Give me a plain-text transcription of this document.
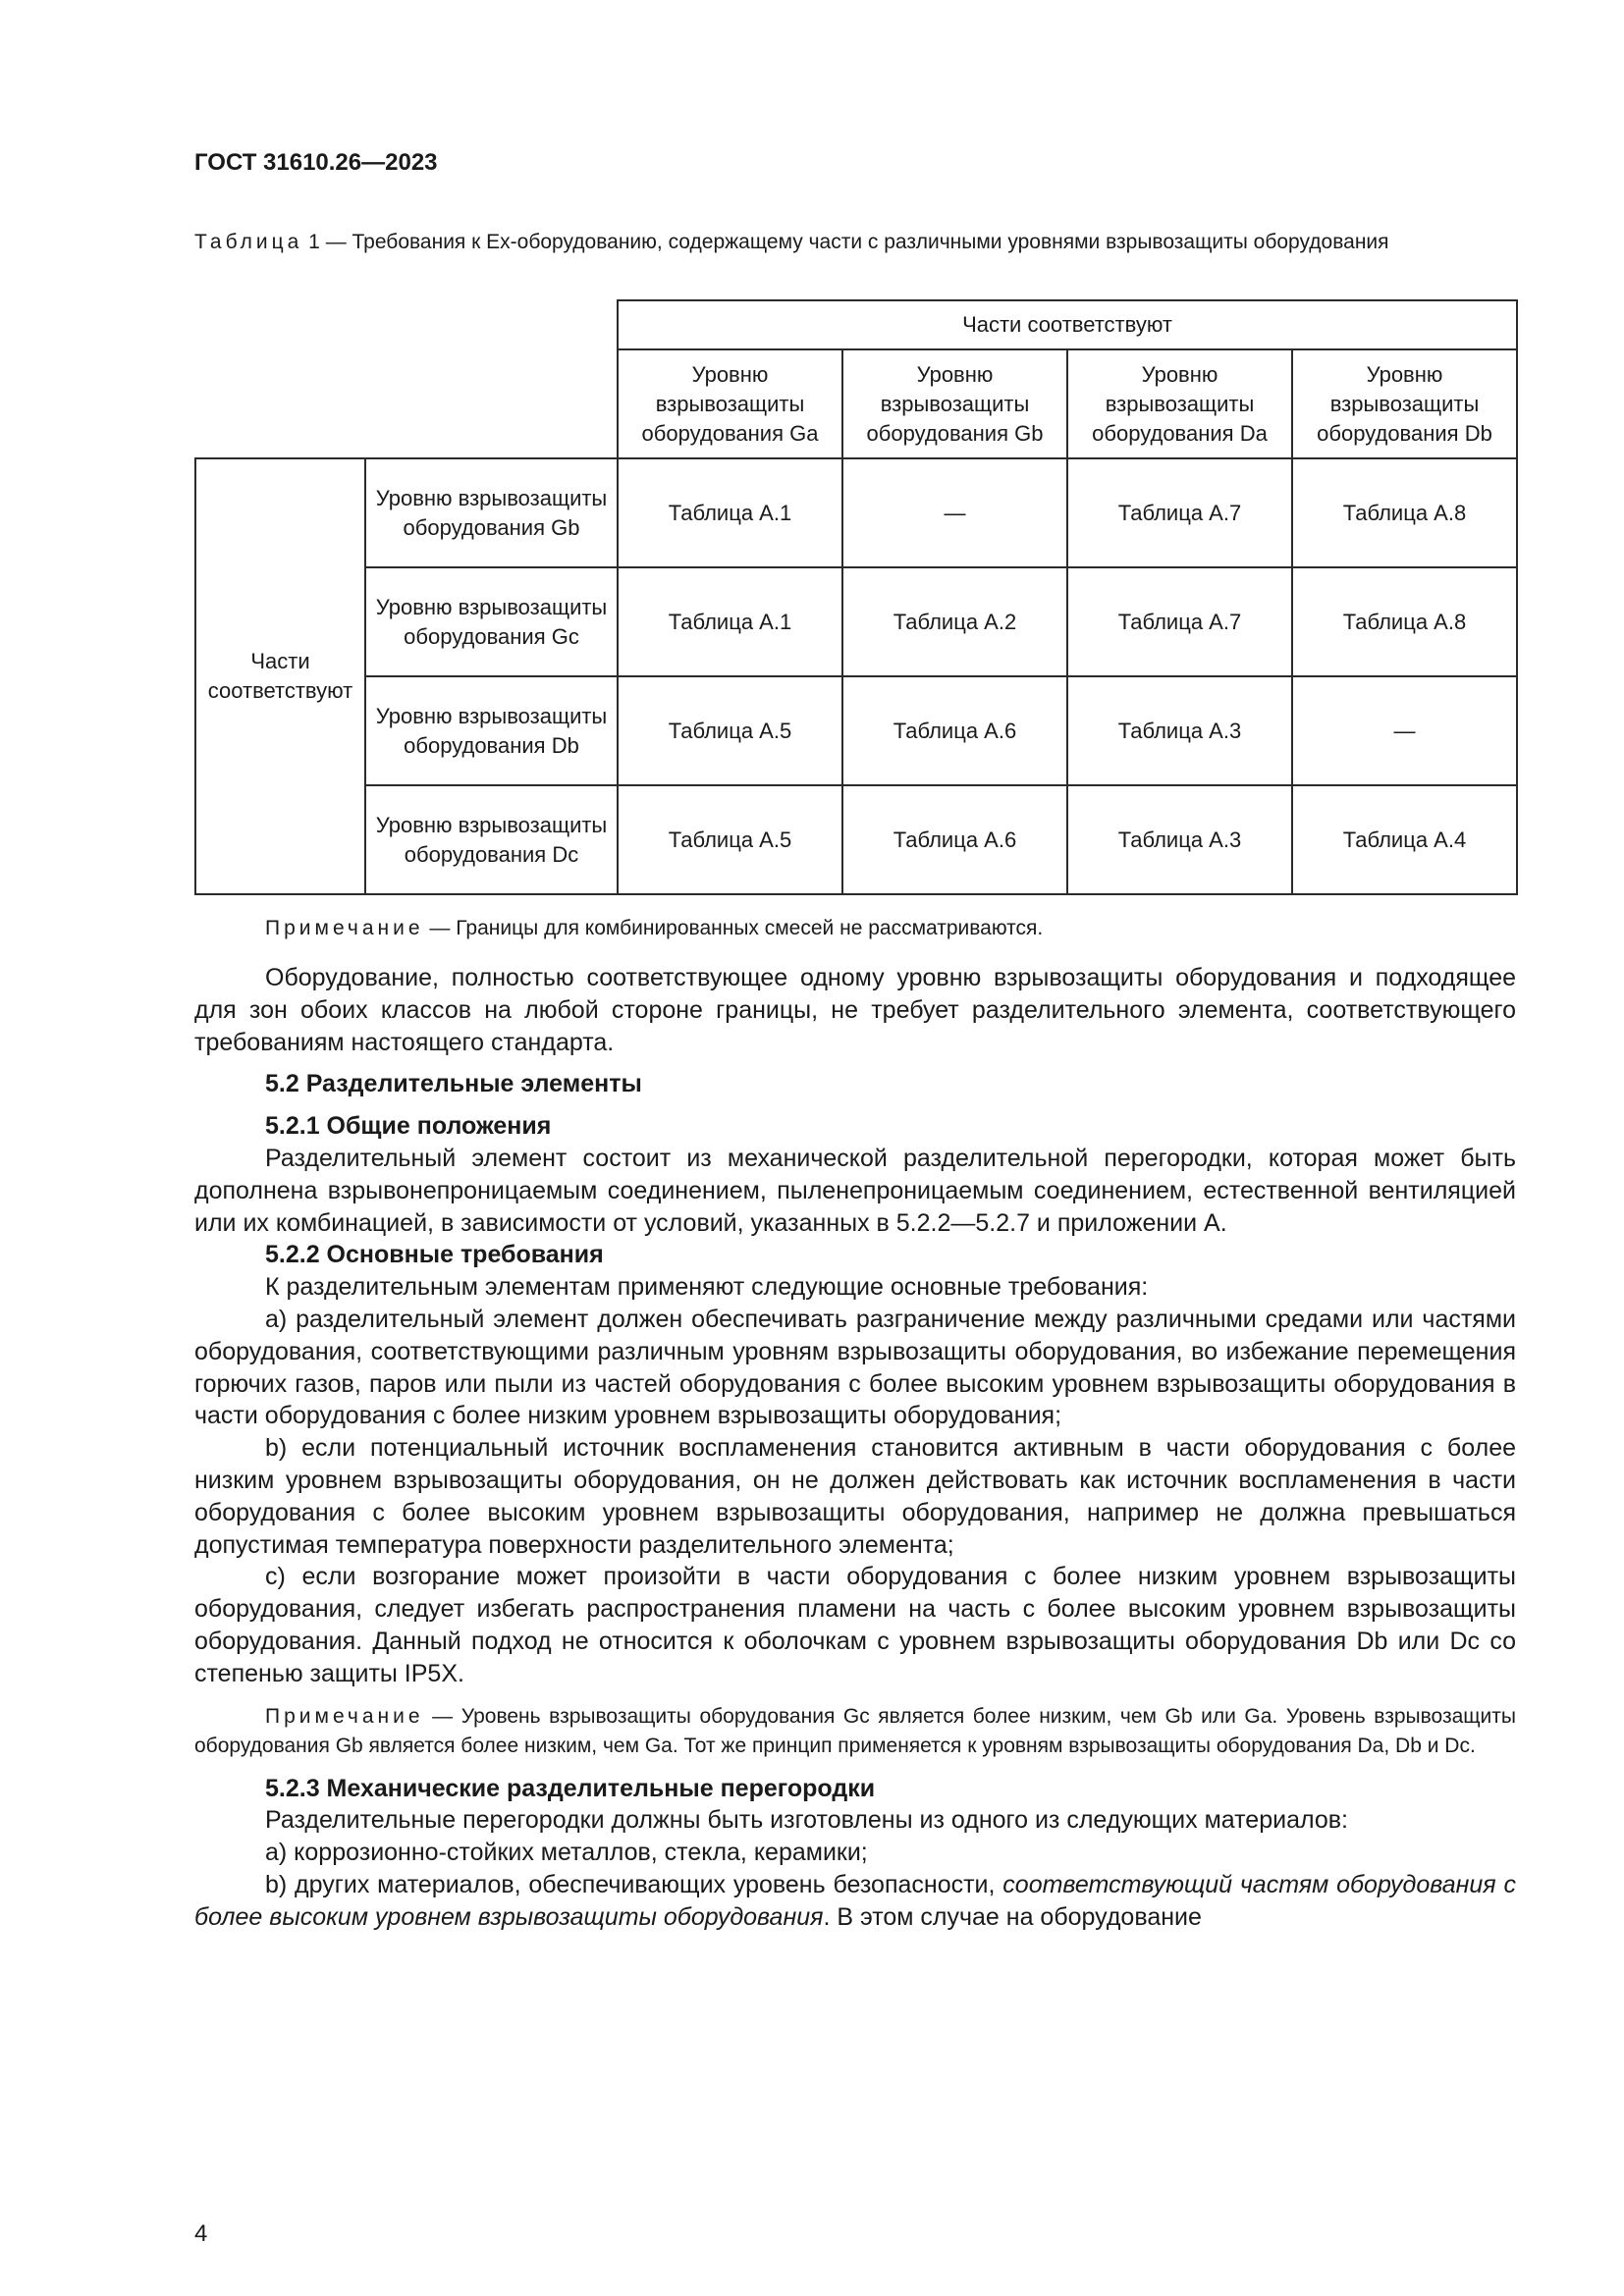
ГОСТ 31610.26—2023
Таблица 1 — Требования к Ex-оборудованию, содержащему части с различными уровнями взрывозащиты оборудования
		Части соответствуют			
		Уровню взрывозащиты оборудования Ga	Уровню взрывозащиты оборудования Gb	Уровню взрывозащиты оборудования Da	Уровню взрывозащиты оборудования Db
Части соответствуют	Уровню взрывозащиты оборудования Gb	Таблица А.1	—	Таблица А.7	Таблица А.8
	Уровню взрывозащиты оборудования Gc	Таблица А.1	Таблица А.2	Таблица А.7	Таблица А.8
	Уровню взрывозащиты оборудования Db	Таблица А.5	Таблица А.6	Таблица А.3	—
	Уровню взрывозащиты оборудования Dc	Таблица А.5	Таблица А.6	Таблица А.3	Таблица А.4
Примечание — Границы для комбинированных смесей не рассматриваются.

Оборудование, полностью соответствующее одному уровню взрывозащиты оборудования и подходящее для зон обоих классов на любой стороне границы, не требует разделительного элемента, соответствующего требованиям настоящего стандарта.

5.2 Разделительные элементы

5.2.1 Общие положения

Разделительный элемент состоит из механической разделительной перегородки, которая может быть дополнена взрывонепроницаемым соединением, пыленепроницаемым соединением, естественной вентиляцией или их комбинацией, в зависимости от условий, указанных в 5.2.2—5.2.7 и приложении А.

5.2.2 Основные требования

К разделительным элементам применяют следующие основные требования:

a) разделительный элемент должен обеспечивать разграничение между различными средами или частями оборудования, соответствующими различным уровням взрывозащиты оборудования, во избежание перемещения горючих газов, паров или пыли из частей оборудования с более высоким уровнем взрывозащиты оборудования в части оборудования с более низким уровнем взрывозащиты оборудования;

b) если потенциальный источник воспламенения становится активным в части оборудования с более низким уровнем взрывозащиты оборудования, он не должен действовать как источник воспламенения в части оборудования с более высоким уровнем взрывозащиты оборудования, например не должна превышаться допустимая температура поверхности разделительного элемента;

c) если возгорание может произойти в части оборудования с более низким уровнем взрывозащиты оборудования, следует избегать распространения пламени на часть с более высоким уровнем взрывозащиты оборудования. Данный подход не относится к оболочкам с уровнем взрывозащиты оборудования Db или Dc со степенью защиты IP5X.

Примечание — Уровень взрывозащиты оборудования Gc является более низким, чем Gb или Ga. Уровень взрывозащиты оборудования Gb является более низким, чем Ga. Тот же принцип применяется к уровням взрывозащиты оборудования Da, Db и Dc.

5.2.3 Механические разделительные перегородки

Разделительные перегородки должны быть изготовлены из одного из следующих материалов:

a) коррозионно-стойких металлов, стекла, керамики;

b) других материалов, обеспечивающих уровень безопасности, соответствующий частям оборудования с более высоким уровнем взрывозащиты оборудования. В этом случае на оборудование

4
